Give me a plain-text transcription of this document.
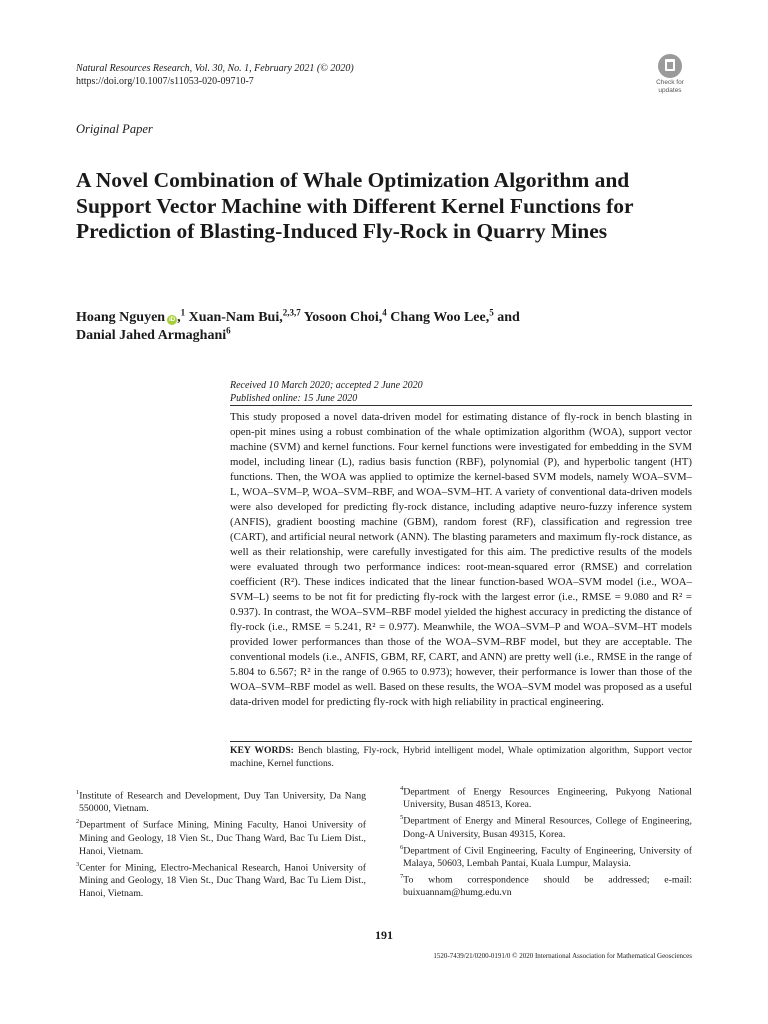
Natural Resources Research, Vol. 30, No. 1, February 2021 (© 2020)
https://doi.org/10.1007/s11053-020-09710-7	Check for
updates
Original Paper
A Novel Combination of Whale Optimization Algorithm and Support Vector Machine with Different Kernel Functions for Prediction of Blasting-Induced Fly-Rock in Quarry Mines
Hoang Nguyen iD ,$^1$ Xuan-Nam Bui,$^{2,3,7}$ Yosoon Choi,$^4$ Chang Woo Lee,$^5$ and
Danial Jahed Armaghani$^6$
Received 10 March 2020; accepted 2 June 2020
Published online: 15 June 2020

This study proposed a novel data-driven model for estimating distance of fly-rock in bench blasting in open-pit mines using a robust combination of the whale optimization algorithm (WOA), support vector machine (SVM) and kernel functions. Four kernel functions were investigated for embedding in the SVM model, including linear (L), radius basis function (RBF), polynomial (P), and hyperbolic tangent (HT) functions. Then, the WOA was applied to optimize the kernel-based SVM models, namely WOA–SVM–L, WOA–SVM–P, WOA–SVM–RBF, and WOA–SVM–HT. A variety of conventional data-driven models were also developed for predicting fly-rock distance, including adaptive neuro-fuzzy inference system (ANFIS), gradient boosting machine (GBM), random forest (RF), classification and regression tree (CART), and artificial neural network (ANN). The blasting parameters and maximum fly-rock distance, as well as their relationship, were carefully investigated for this aim. The predictive results of the models were evaluated through two performance indices: root-mean-squared error (RMSE) and correlation coefficient (R²). These indices indicated that the linear function-based WOA–SVM model (i.e., WOA–SVM–L) seems to be not fit for predicting fly-rock with the largest error (i.e., RMSE = 9.080 and R² = 0.937). In contrast, the WOA–SVM–RBF model yielded the highest accuracy in predicting the distance of fly-rock (i.e., RMSE = 5.241, R² = 0.977). Meanwhile, the WOA–SVM–P and WOA–SVM–HT models provided lower performances than those of the WOA–SVM–RBF model, but they are acceptable. The conventional models (i.e., ANFIS, GBM, RF, CART, and ANN) are pretty well (i.e., RMSE in the range of 5.804 to 6.567; R² in the range of 0.965 to 0.973); however, their performance is lower than those of the WOA–SVM–RBF model as well. Based on these results, the WOA–SVM model was proposed as a useful data-driven model for predicting fly-rock with high reliability in practical engineering.

KEY WORDS: Bench blasting, Fly-rock, Hybrid intelligent model, Whale optimization algorithm, Support vector machine, Kernel functions.

$^1$Institute of Research and Development, Duy Tan University, Da Nang 550000, Vietnam.

$^2$Department of Surface Mining, Mining Faculty, Hanoi University of Mining and Geology, 18 Vien St., Duc Thang Ward, Bac Tu Liem Dist., Hanoi, Vietnam.

$^3$Center for Mining, Electro-Mechanical Research, Hanoi University of Mining and Geology, 18 Vien St., Duc Thang Ward, Bac Tu Liem Dist., Hanoi, Vietnam.

$^4$Department of Energy Resources Engineering, Pukyong National University, Busan 48513, Korea.

$^5$Department of Energy and Mineral Resources, College of Engineering, Dong-A University, Busan 49315, Korea.

$^6$Department of Civil Engineering, Faculty of Engineering, University of Malaya, 50603, Lembah Pantai, Kuala Lumpur, Malaysia.

$^7$To whom correspondence should be addressed; e-mail: buixuannam@humg.edu.vn

191
1520-7439/21/0200-0191/0 © 2020 International Association for Mathematical Geosciences
